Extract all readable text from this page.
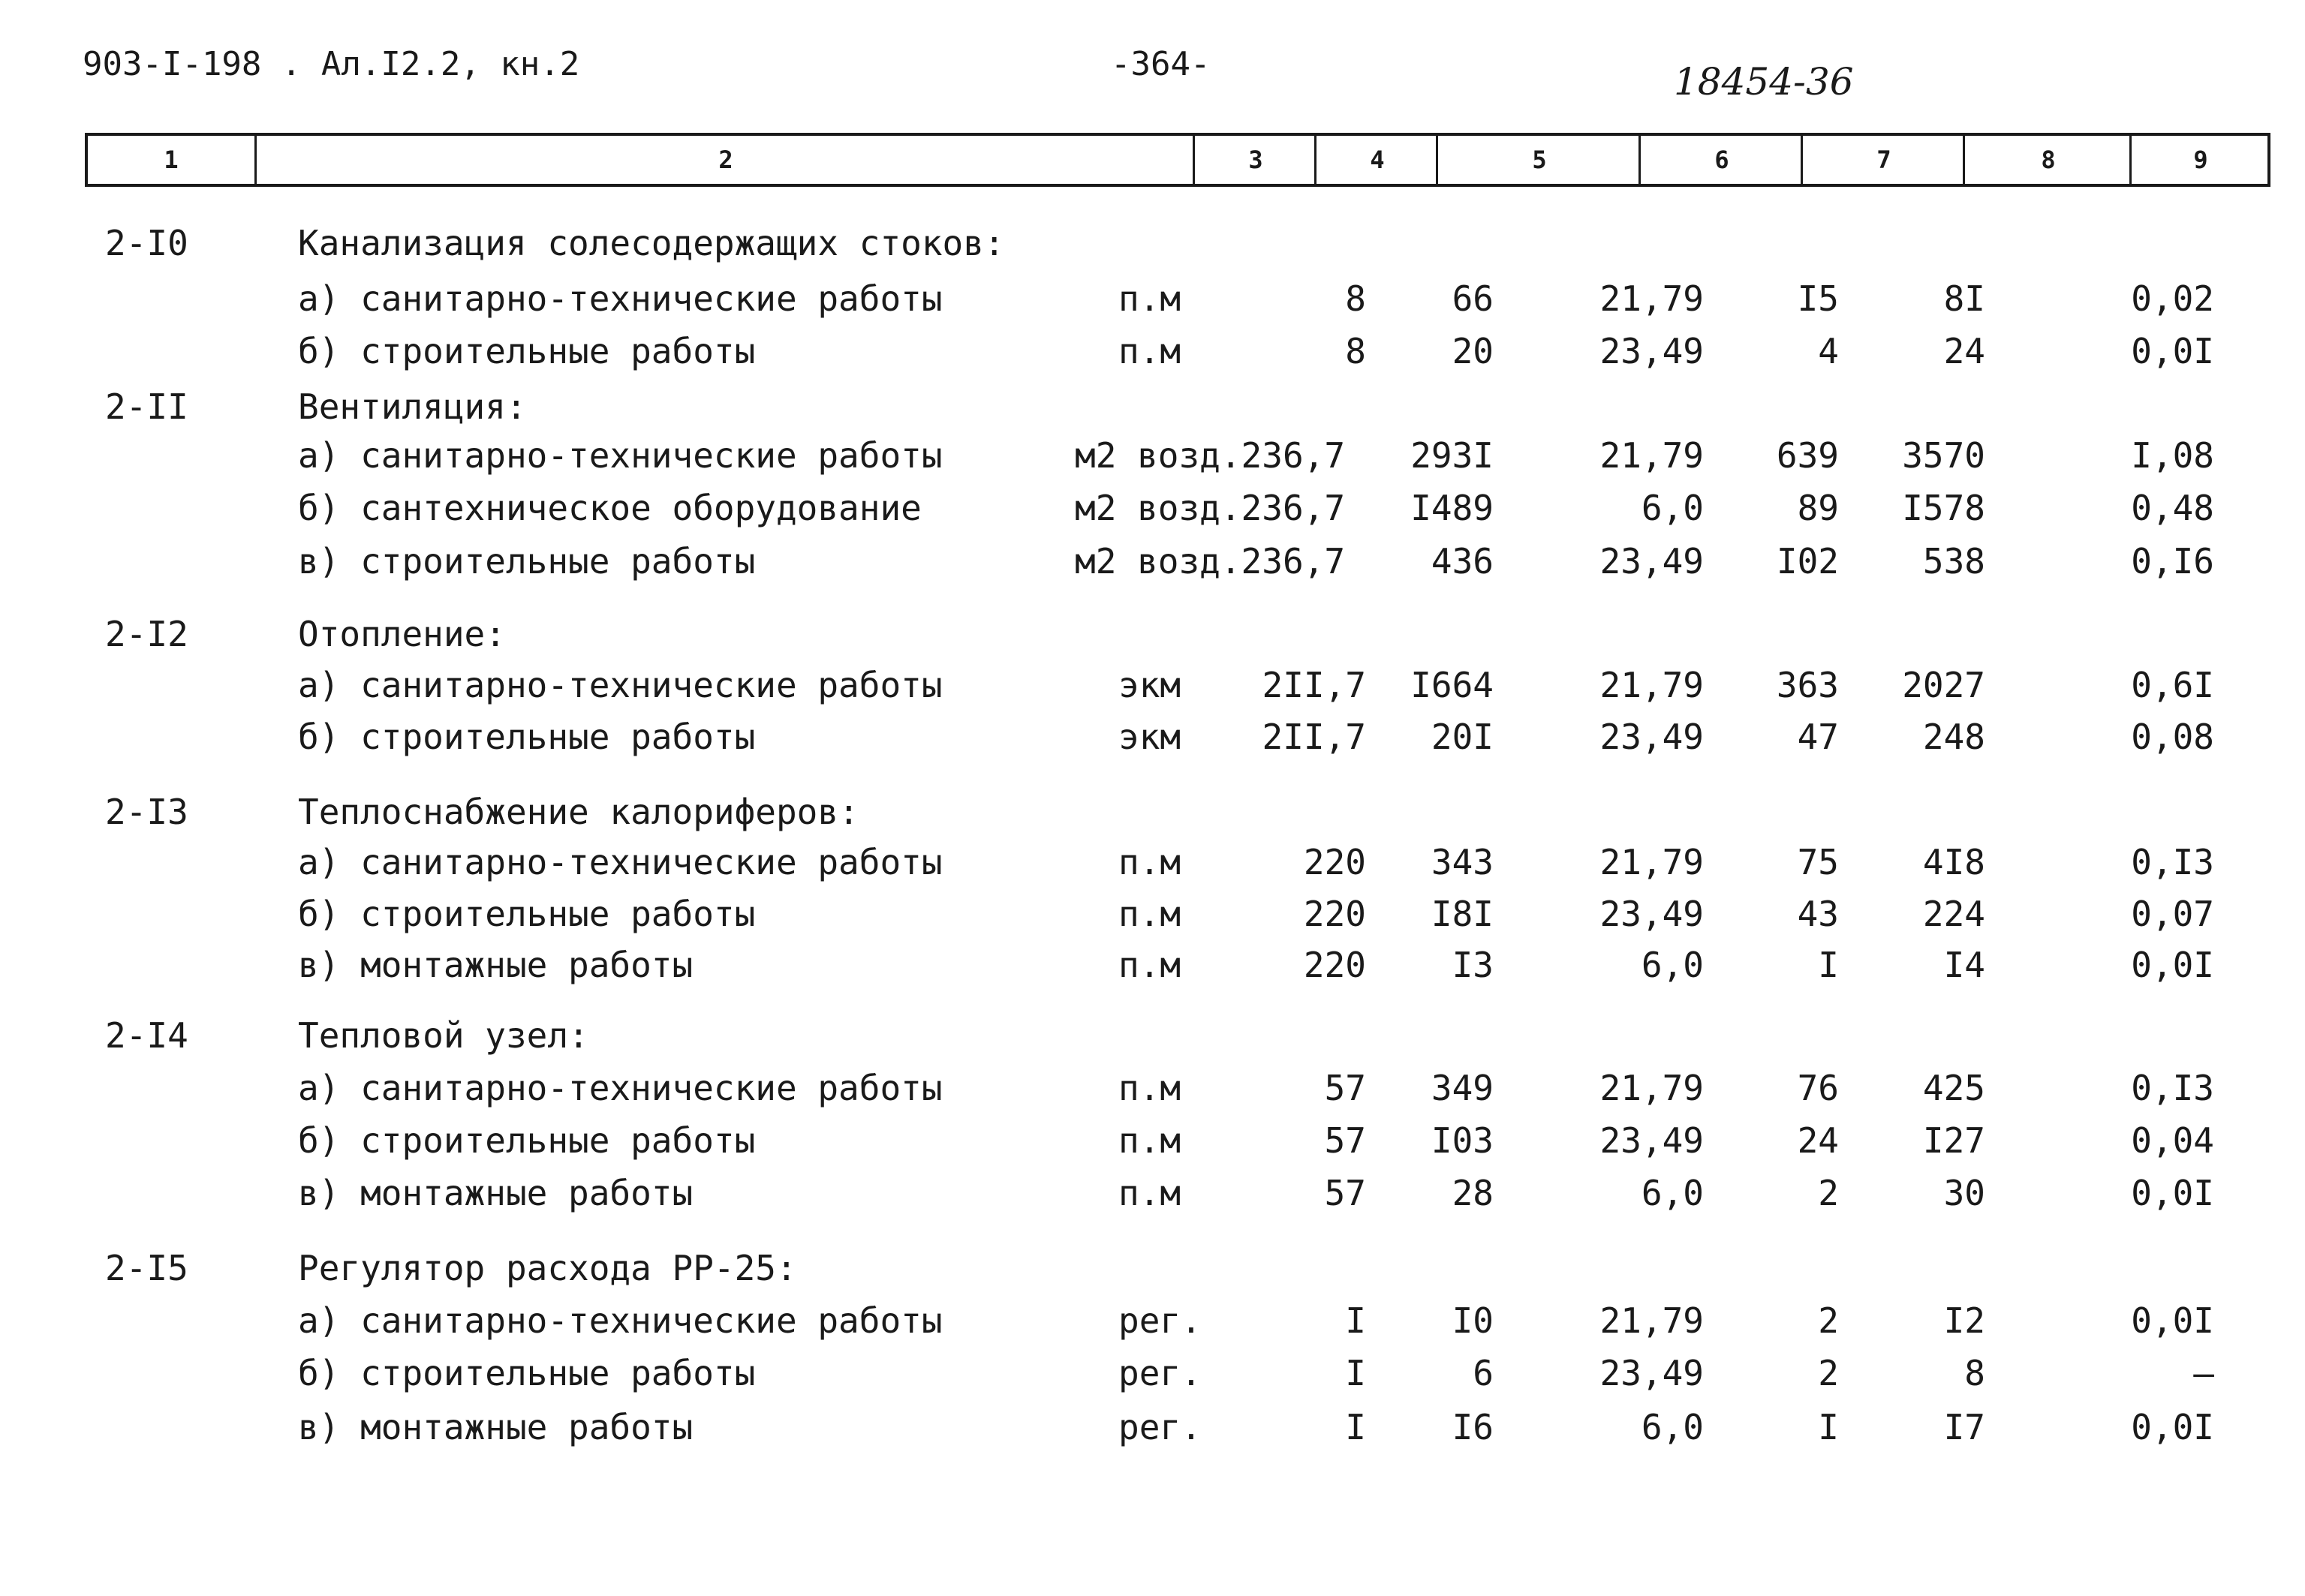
903-I-198 . Ал.I2.2, кн.2	-364-	18454-36
1	2	3	4	5	6	7	8	9
2-I0	Канализация солесодержащих стоков:
а) санитарно-технические работы	п.м	8	66	21,79	I5	8I	0,02
б) строительные работы	п.м	8	20	23,49	4	24	0,0I
2-II	Вентиляция:
а) санитарно-технические работы	м2 возд.236,7	293I	21,79	639	3570	I,08
б) сантехническое оборудование	м2 возд.236,7	I489	6,0	89	I578	0,48
в) строительные работы	м2 возд.236,7	436	23,49	I02	538	0,I6
2-I2	Отопление:
а) санитарно-технические работы	экм	2II,7	I664	21,79	363	2027	0,6I
б) строительные работы	экм	2II,7	20I	23,49	47	248	0,08
2-I3	Теплоснабжение калориферов:
а) санитарно-технические работы	п.м	220	343	21,79	75	4I8	0,I3
б) строительные работы	п.м	220	I8I	23,49	43	224	0,07
в) монтажные работы	п.м	220	I3	6,0	I	I4	0,0I
2-I4	Тепловой узел:
а) санитарно-технические работы	п.м	57	349	21,79	76	425	0,I3
б) строительные работы	п.м	57	I03	23,49	24	I27	0,04
в) монтажные работы	п.м	57	28	6,0	2	30	0,0I
2-I5	Регулятор расхода РР-25:
а) санитарно-технические работы	рег.	I	I0	21,79	2	I2	0,0I
б) строительные работы	рег.	I	6	23,49	2	8	–
в) монтажные работы	рег.	I	I6	6,0	I	I7	0,0I
